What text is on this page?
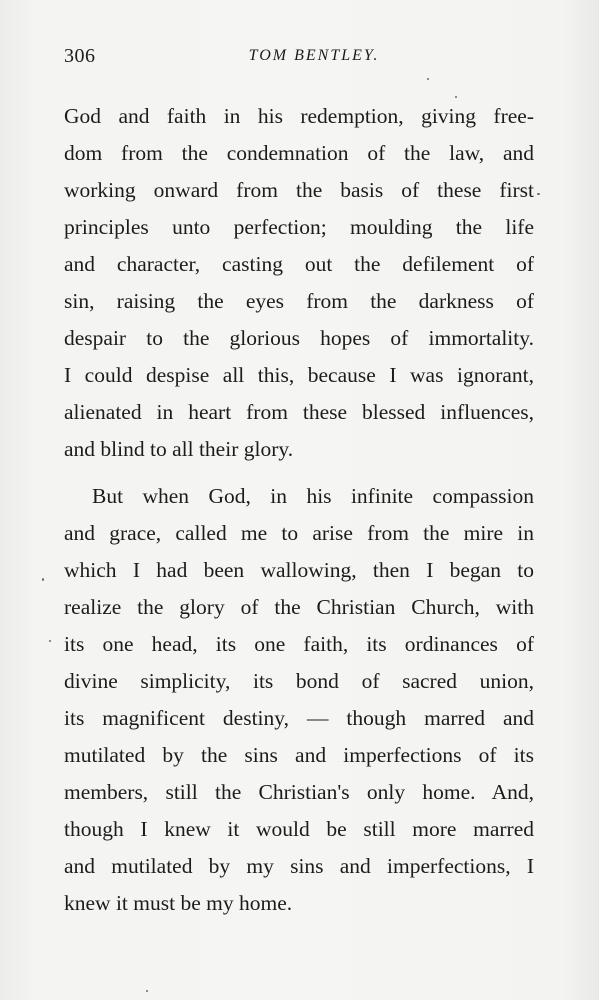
306	TOM BENTLEY.
God and faith in his redemption, giving free-
dom from the condemnation of the law, and
working onward from the basis of these first
principles unto perfection; moulding the life
and character, casting out the defilement of
sin, raising the eyes from the darkness of
despair to the glorious hopes of immortality.
I could despise all this, because I was ignorant,
alienated in heart from these blessed influences,
and blind to all their glory.
But when God, in his infinite compassion
and grace, called me to arise from the mire in
which I had been wallowing, then I began to
realize the glory of the Christian Church, with
its one head, its one faith, its ordinances of
divine simplicity, its bond of sacred union,
its magnificent destiny, — though marred and
mutilated by the sins and imperfections of its
members, still the Christian's only home. And,
though I knew it would be still more marred
and mutilated by my sins and imperfections, I
knew it must be my home.
